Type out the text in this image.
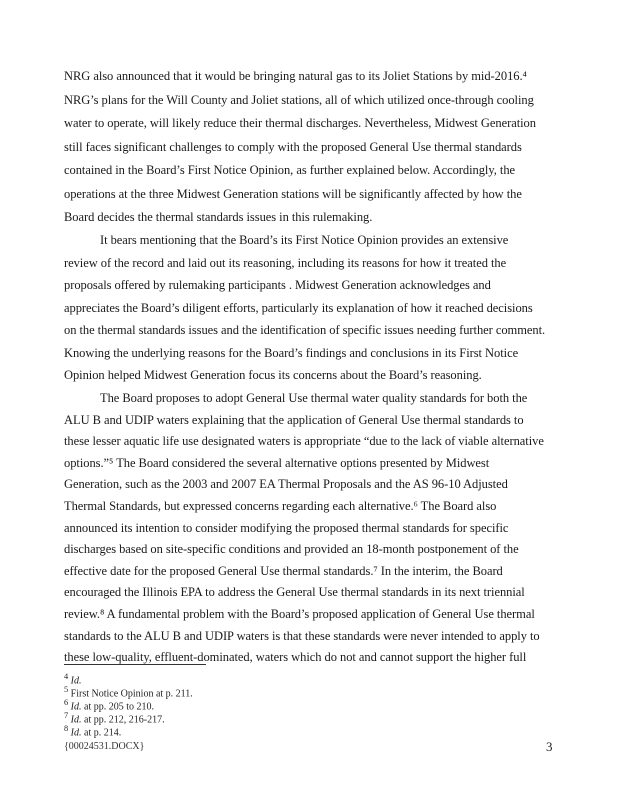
NRG also announced that it would be bringing natural gas to its Joliet Stations by mid-2016.⁴
NRG’s plans for the Will County and Joliet stations, all of which utilized once-through cooling
water to operate, will likely reduce their thermal discharges. Nevertheless, Midwest Generation
still faces significant challenges to comply with the proposed General Use thermal standards
contained in the Board’s First Notice Opinion, as further explained below. Accordingly, the
operations at the three Midwest Generation stations will be significantly affected by how the
Board decides the thermal standards issues in this rulemaking.
It bears mentioning that the Board’s its First Notice Opinion provides an extensive
review of the record and laid out its reasoning, including its reasons for how it treated the
proposals offered by rulemaking participants . Midwest Generation acknowledges and
appreciates the Board’s diligent efforts, particularly its explanation of how it reached decisions
on the thermal standards issues and the identification of specific issues needing further comment.
Knowing the underlying reasons for the Board’s findings and conclusions in its First Notice
Opinion helped Midwest Generation focus its concerns about the Board’s reasoning.
The Board proposes to adopt General Use thermal water quality standards for both the
ALU B and UDIP waters explaining that the application of General Use thermal standards to
these lesser aquatic life use designated waters is appropriate “due to the lack of viable alternative
options.”⁵ The Board considered the several alternative options presented by Midwest
Generation, such as the 2003 and 2007 EA Thermal Proposals and the AS 96-10 Adjusted
Thermal Standards, but expressed concerns regarding each alternative.⁶ The Board also
announced its intention to consider modifying the proposed thermal standards for specific
discharges based on site-specific conditions and provided an 18-month postponement of the
effective date for the proposed General Use thermal standards.⁷ In the interim, the Board
encouraged the Illinois EPA to address the General Use thermal standards in its next triennial
review.⁸ A fundamental problem with the Board’s proposed application of General Use thermal
standards to the ALU B and UDIP waters is that these standards were never intended to apply to
these low-quality, effluent-dominated, waters which do not and cannot support the higher full
$^4$ Id.
$^5$ First Notice Opinion at p. 211.
$^6$ Id. at pp. 205 to 210.
$^7$ Id. at pp. 212, 216-217.
$^8$ Id. at p. 214.
{00024531.DOCX}	3
